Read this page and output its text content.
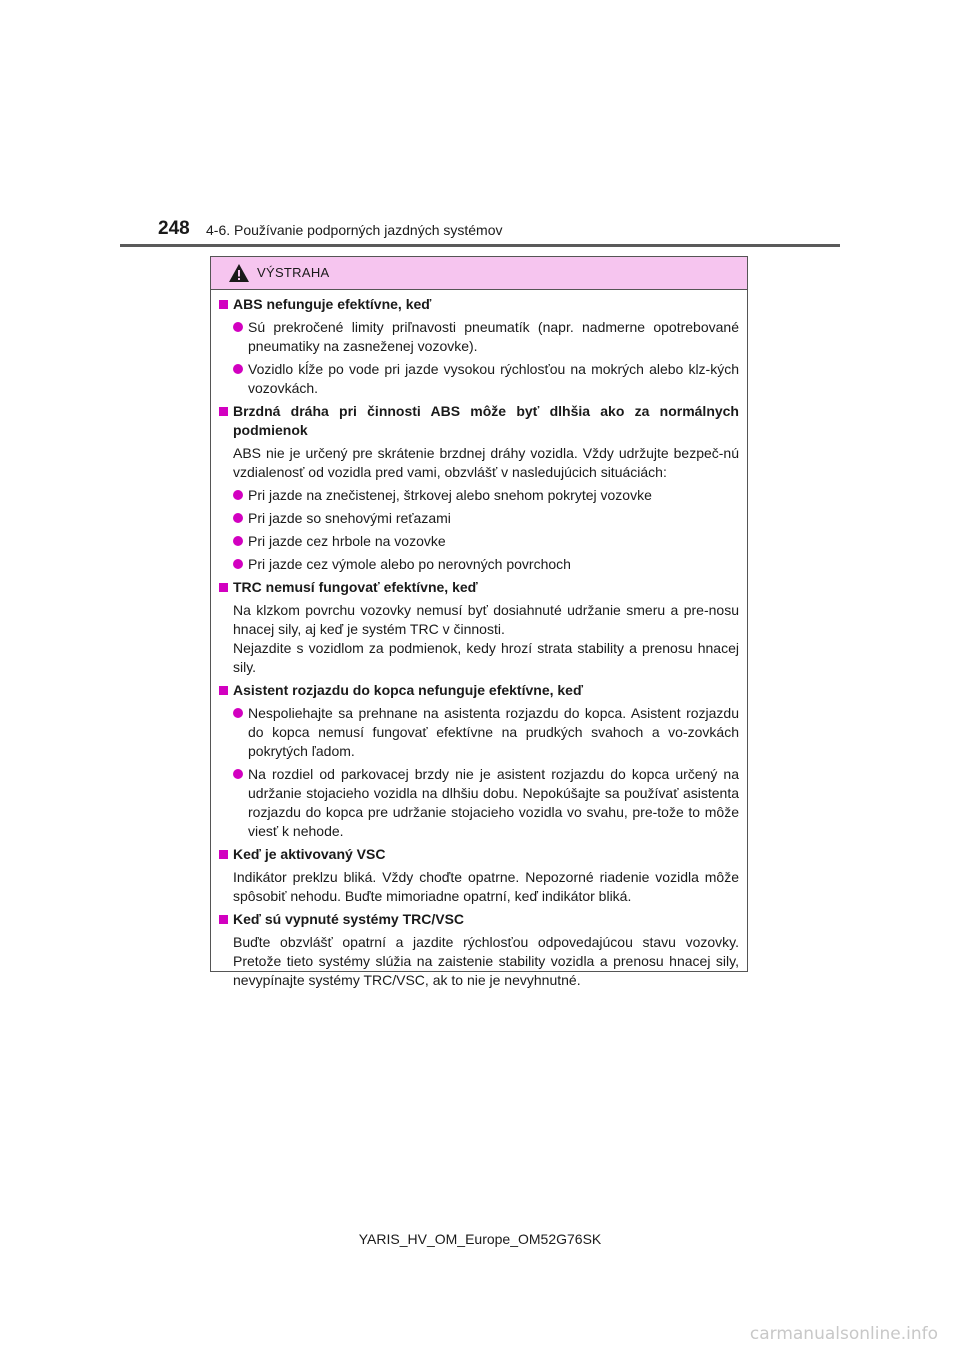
248 4-6. Používanie podporných jazdných systémov
VÝSTRAHA
ABS nefunguje efektívne, keď
Sú prekročené limity priľnavosti pneumatík (napr. nadmerne opotrebované pneumatiky na zasneženej vozovke).
Vozidlo kĺže po vode pri jazde vysokou rýchlosťou na mokrých alebo klz-kých vozovkách.
Brzdná dráha pri činnosti ABS môže byť dlhšia ako za normálnych podmienok
ABS nie je určený pre skrátenie brzdnej dráhy vozidla. Vždy udržujte bezpeč-nú vzdialenosť od vozidla pred vami, obzvlášť v nasledujúcich situáciách:
Pri jazde na znečistenej, štrkovej alebo snehom pokrytej vozovke
Pri jazde so snehovými reťazami
Pri jazde cez hrbole na vozovke
Pri jazde cez výmole alebo po nerovných povrchoch
TRC nemusí fungovať efektívne, keď
Na klzkom povrchu vozovky nemusí byť dosiahnuté udržanie smeru a pre-nosu hnacej sily, aj keď je systém TRC v činnosti.
Nejazdite s vozidlom za podmienok, kedy hrozí strata stability a prenosu hnacej sily.
Asistent rozjazdu do kopca nefunguje efektívne, keď
Nespoliehajte sa prehnane na asistenta rozjazdu do kopca. Asistent rozjazdu do kopca nemusí fungovať efektívne na prudkých svahoch a vo-zovkách pokrytých ľadom.
Na rozdiel od parkovacej brzdy nie je asistent rozjazdu do kopca určený na udržanie stojacieho vozidla na dlhšiu dobu. Nepokúšajte sa používať asistenta rozjazdu do kopca pre udržanie stojacieho vozidla vo svahu, pre-tože to môže viesť k nehode.
Keď je aktivovaný VSC
Indikátor preklzu bliká. Vždy choďte opatrne. Nepozorné riadenie vozidla môže spôsobiť nehodu. Buďte mimoriadne opatrní, keď indikátor bliká.
Keď sú vypnuté systémy TRC/VSC
Buďte obzvlášť opatrní a jazdite rýchlosťou odpovedajúcou stavu vozovky. Pretože tieto systémy slúžia na zaistenie stability vozidla a prenosu hnacej sily, nevypínajte systémy TRC/VSC, ak to nie je nevyhnutné.
YARIS_HV_OM_Europe_OM52G76SK
carmanualsonline.info
